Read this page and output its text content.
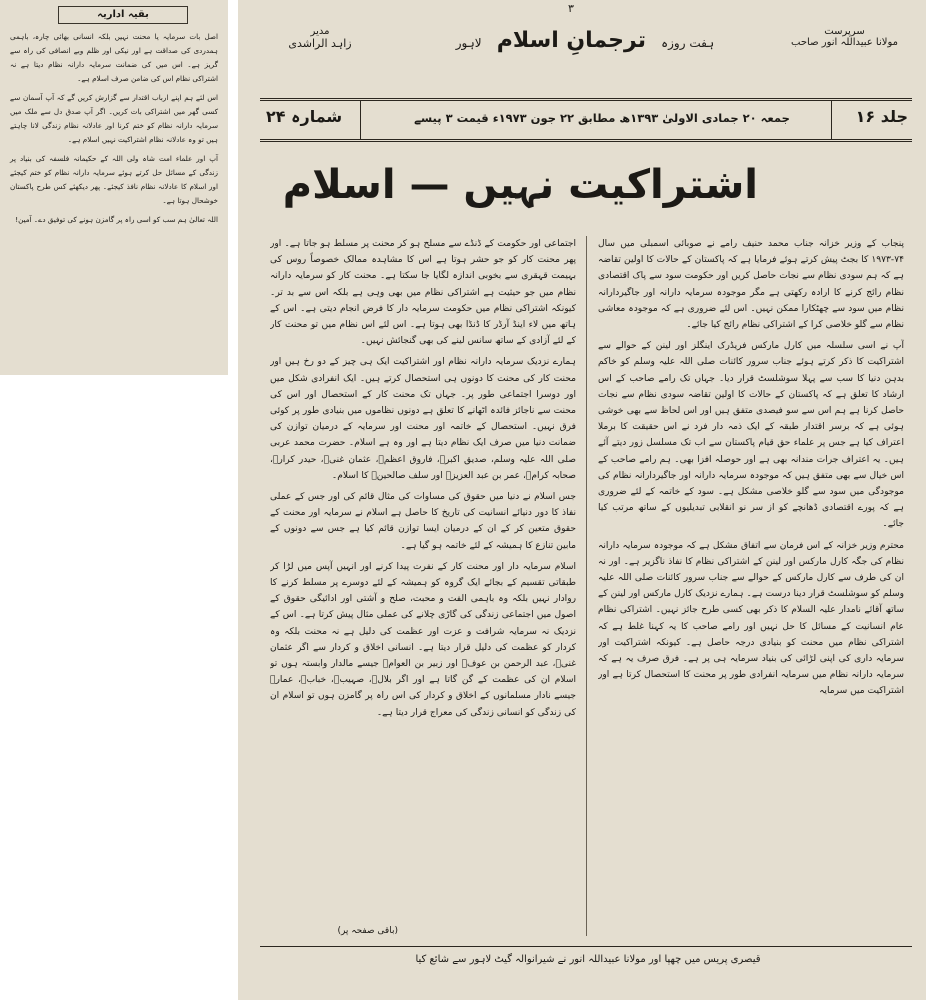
بقیہ اداریہ

اصل بات سرمایہ یا محنت نہیں بلکہ انسانی بھائی چارہ، باہمی ہمدردی کی صداقت ہے اور نیکی اور ظلم وبے انصافی کی راہ سے گریز ہے۔ اس میں کی ضمانت سرمایہ دارانہ نظام دیتا ہے نہ اشتراکی نظام اس کی ضامن صرف اسلام ہے۔

اس لئے ہم اپنے ارباب اقتدار سے گزارش کریں گے کہ آپ آسمان سے کسی گھر میں اشتراکی بات کریں۔ اگر آپ صدق دل سے ملک میں سرمایہ دارانہ نظام کو ختم کرنا اور عادلانہ نظام زندگی لانا چاہتے ہیں تو وہ عادلانہ نظام اشتراکیت نہیں اسلام ہے۔

آپ اور علماء امت شاہ ولی اللہ کے حکیمانہ فلسفہ کی بنیاد پر زندگی کے مسائل حل کرتے ہوئے سرمایہ دارانہ نظام کو ختم کیجئے اور اسلام کا عادلانہ نظام نافذ کیجئے۔ پھر دیکھئے کس طرح پاکستان خوشحال ہوتا ہے۔

اللہ تعالیٰ ہم سب کو اسی راہ پر گامزن ہونے کی توفیق دے۔ آمین!

۳
سرپرست
مولانا عبیداللہ انور صاحب
ہفت روزہ ترجمانِ اسلام لاہور
مدیر
زاہد الراشدی
جلد ۱۶
جمعہ ۲۰ جمادی الاولیٰ ۱۳۹۳ھ مطابق ۲۲ جون ۱۹۷۳ء قیمت ۳ پیسے
شمارہ ۲۴
اشتراکیت نہیں — اسلام

پنجاب کے وزیر خزانہ جناب محمد حنیف رامے نے صوبائی اسمبلی میں سال ۷۴-۱۹۷۳ کا بجٹ پیش کرتے ہوئے فرمایا ہے کہ پاکستان کے حالات کا اولین تقاضہ ہے کہ ہم سودی نظام سے نجات حاصل کریں اور حکومت سود سے پاک اقتصادی نظام رائج کرنے کا ارادہ رکھتی ہے مگر موجودہ سرمایہ دارانہ اور جاگیردارانہ نظام میں سود سے چھٹکارا ممکن نہیں۔ اس لئے ضروری ہے کہ موجودہ معاشی نظام سے گلو خلاصی کرا کے اشتراکی نظام رائج کیا جائے۔

آپ نے اسی سلسلہ میں کارل مارکس فریڈرک اینگلز اور لینن کے حوالے سے اشتراکیت کا ذکر کرتے ہوئے جناب سرور کائنات صلی اللہ علیہ وسلم کو خاکم بدہن دنیا کا سب سے پہلا سوشلسٹ قرار دیا۔ جہاں تک رامے صاحب کے اس ارشاد کا تعلق ہے کہ پاکستان کے حالات کا اولین تقاضہ سودی نظام سے نجات حاصل کرنا ہے ہم اس سے سو فیصدی متفق ہیں اور اس لحاظ سے بھی خوشی ہوئی ہے کہ برسر اقتدار طبقہ کے ایک ذمہ دار فرد نے اس حقیقت کا برملا اعتراف کیا ہے جس پر علماء حق قیام پاکستان سے اب تک مسلسل زور دیتے آئے ہیں۔ یہ اعتراف جرات مندانہ بھی ہے اور حوصلہ افزا بھی۔ ہم رامے صاحب کے اس خیال سے بھی متفق ہیں کہ موجودہ سرمایہ دارانہ اور جاگیردارانہ نظام کی موجودگی میں سود سے گلو خلاصی مشکل ہے۔ سود کے خاتمہ کے لئے ضروری ہے کہ پورے اقتصادی ڈھانچے کو از سر نو انقلابی تبدیلیوں کے ساتھ مرتب کیا جائے۔

محترم وزیر خزانہ کے اس فرمان سے اتفاق مشکل ہے کہ موجودہ سرمایہ دارانہ نظام کی جگہ کارل مارکس اور لینن کے اشتراکی نظام کا نفاذ ناگزیر ہے۔ اور نہ ان کی طرف سے کارل مارکس کے حوالے سے جناب سرور کائنات صلی اللہ علیہ وسلم کو سوشلسٹ قرار دینا درست ہے۔ ہمارے نزدیک کارل مارکس اور لینن کے ساتھ آقائے نامدار علیہ السلام کا ذکر بھی کسی طرح جائز نہیں۔ اشتراکی نظام عام انسانیت کے مسائل کا حل نہیں اور رامے صاحب کا یہ کہنا غلط ہے کہ اشتراکی نظام میں محنت کو بنیادی درجہ حاصل ہے۔ کیونکہ اشتراکیت اور سرمایہ داری کی اپنی لڑائی کی بنیاد سرمایہ ہی پر ہے۔ فرق صرف یہ ہے کہ سرمایہ دارانہ نظام میں سرمایہ انفرادی طور پر محنت کا استحصال کرتا ہے اور اشتراکیت میں سرمایہ

اجتماعی اور حکومت کے ڈنڈے سے مسلح ہو کر محنت پر مسلط ہو جاتا ہے۔ اور پھر محنت کار کو جو حشر ہوتا ہے اس کا مشاہدہ ممالک خصوصاً روس کی بہیمت قہقری سے بخوبی اندازہ لگایا جا سکتا ہے۔ محنت کار کو سرمایہ دارانہ نظام میں جو حیثیت ہے اشتراکی نظام میں بھی وہی ہے بلکہ اس سے بد تر۔ کیونکہ اشتراکی نظام میں حکومت سرمایہ دار کا فرض انجام دیتی ہے۔ اس کے ہاتھ میں لاء اینڈ آرڈر کا ڈنڈا بھی ہوتا ہے۔ اس لئے اس نظام میں تو محنت کار کے لئے آزادی کے ساتھ سانس لینے کی بھی گنجائش نہیں۔

ہمارے نزدیک سرمایہ دارانہ نظام اور اشتراکیت ایک ہی چیز کے دو رخ ہیں اور محنت کار کی محنت کا دونوں ہی استحصال کرتے ہیں۔ ایک انفرادی شکل میں اور دوسرا اجتماعی طور پر۔ جہاں تک محنت کار کے استحصال اور اس کی محنت سے ناجائز فائدہ اٹھانے کا تعلق ہے دونوں نظاموں میں بنیادی طور پر کوئی فرق نہیں۔ استحصال کے خاتمہ اور محنت اور سرمایہ کے درمیان توازن کی ضمانت دنیا میں صرف ایک نظام دیتا ہے اور وہ ہے اسلام۔ حضرت محمد عربی صلی اللہ علیہ وسلم، صدیق اکبرؓ، فاروق اعظمؓ، عثمان غنیؓ، حیدر کرارؓ، صحابہ کرامؓ، عمر بن عبد العزیزؒ اور سلف صالحینؒ کا اسلام۔

جس اسلام نے دنیا میں حقوق کی مساوات کی مثال قائم کی اور جس کے عملی نفاذ کا دور دنیائے انسانیت کی تاریخ کا حاصل ہے اسلام نے سرمایہ اور محنت کے حقوق متعین کر کے ان کے درمیان ایسا توازن قائم کیا ہے جس سے دونوں کے مابین تنازع کا ہمیشہ کے لئے خاتمہ ہو گیا ہے۔

اسلام سرمایہ دار اور محنت کار کے نفرت پیدا کرنے اور انہیں آپس میں لڑا کر طبقاتی تقسیم کے بجائے ایک گروہ کو ہمیشہ کے لئے دوسرے پر مسلط کرنے کا روادار نہیں بلکہ وہ باہمی الفت و محبت، صلح و آشتی اور ادائیگی حقوق کے اصول میں اجتماعی زندگی کی گاڑی چلانے کی عملی مثال پیش کرتا ہے۔ اس کے نزدیک نہ سرمایہ شرافت و عزت اور عظمت کی دلیل ہے نہ محنت بلکہ وہ کردار کو عظمت کی دلیل قرار دیتا ہے۔ انسانی اخلاق و کردار سے اگر عثمان غنیؓ، عبد الرحمن بن عوفؓ اور زبیر بن العوامؓ جیسے مالدار وابستہ ہوں تو اسلام ان کی عظمت کے گن گاتا ہے اور اگر بلالؓ، صہیبؓ، خبابؓ، عمارؓ جیسے نادار مسلمانوں کے اخلاق و کردار کی اس راہ پر گامزن ہوں تو اسلام ان کی زندگی کو انسانی زندگی کی معراج قرار دیتا ہے۔

(باقی صفحہ پر)
قیصری پریس میں چھپا اور مولانا عبیداللہ انور نے شیرانوالہ گیٹ لاہور سے شائع کیا
